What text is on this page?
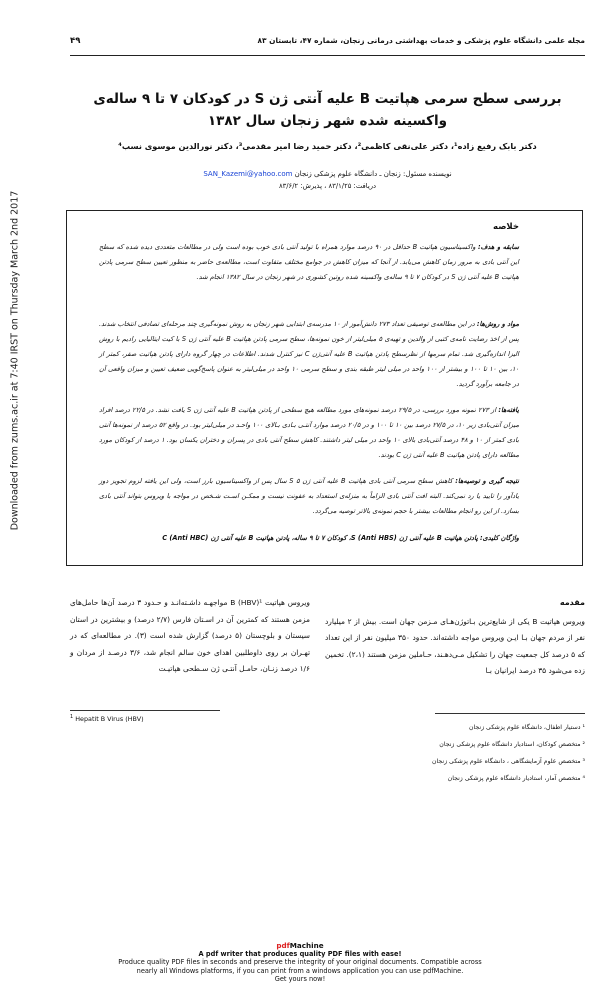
مجله علمی دانشگاه علوم پزشکی و خدمات بهداشتی درمانی زنجان، شماره ۴۷، تابستان ۸۳
۴۹
Downloaded from zums.ac.ir at 7:40 IRST on Thursday March 2nd 2017
بررسی سطح سرمی هپاتیت B علیه آنتی ژن S در کودکان ۷ تا ۹ ساله‌ی واکسینه شده شهر زنجان سال ۱۳۸۲
دکتر بابک رفیع زاده¹، دکتر علی‌نقی کاظمی²، دکتر حمید رضا امیر مقدمی³، دکتر نورالدین موسوی نسب⁴
نویسنده مسئول: زنجان ـ دانشگاه علوم پزشکی زنجان SAN_Kazemi@yahoo.com
دریافت: ۸۳/۱/۲۵ ، پذیرش: ۸۳/۶/۲
خلاصه
سابقه و هدف: واکسیناسیون هپاتیت B حداقل در ۹۰ درصد موارد همراه با تولید آنتی بادی خوب بوده است ولی در مطالعات متعددی دیده شده که سطح این آنتی بادی به مرور زمان کاهش می‌یابد. از آنجا که میزان کاهش در جوامع مختلف متفاوت است، مطالعه‌ی حاضر به منظور تعیین سطح سرمی پادتن هپاتیت B علیه آنتی ژن S در کودکان ۷ تا ۹ ساله‌ی واکسینه شده روتین کشوری در شهر زنجان در سال ۱۳۸۲ انجام شد.
مواد و روش‌ها: در این مطالعه‌ی توصیفی تعداد ۲۷۳ دانش‌آموز از ۱۰ مدرسه‌ی ابتدایی شهر زنجان به روش نمونه‌گیری چند مرحله‌ای تصادفی انتخاب شدند. پس از اخذ رضایت نامه‌ی کتبی از والدین و تهیه‌ی ۵ میلی‌لیتر از خون نمونه‌ها، سطح سرمی پادتن هپاتیت B علیه آنتی ژن S با کیت ایتالیایی رادیم با روش الیزا اندازه‌گیری شد. تمام سرمها از نظرسطح پادتن هپاتیت B علیه آنتی‌ژن C نیز کنترل شدند. اطلاعات در چهار گروه دارای پادتن هپاتیت صفر، کمتر از ۱۰، بین ۱۰ تا ۱۰۰ و بیشتر از ۱۰۰ واحد در میلی لیتر طبقه بندی و سطح سرمی ۱۰ واحد در میلی‌لیتر به عنوان پاسخ‌گویی ضعیف تعیین و میزان واقعی آن در جامعه برآورد گردید.
یافته‌ها: از ۲۷۳ نمونه مورد بررسی، در ۲۹/۵ درصد نمونه‌های مورد مطالعه هیچ سطحی از پادتن هپاتیت B علیه آنتی ژن S یافت نشد. در ۲۲/۵ درصد افراد میزان آنتی‌بادی زیر ۱۰، در ۲۷/۵ درصد بین ۱۰ تا ۱۰۰ و در ۲۰/۵ درصد موارد آنتـی بـادی بـالای ۱۰۰ واحـد در میلی‌لیتر بود. در واقع ۵۲ درصد از نمونه‌ها آنتی بادی کمتر از ۱۰ و ۴۸ درصد آنتی‌بادی بالای ۱۰ واحد در میلی لیتر داشتند. کاهش سطح آنتی بادی در پسران و دختران یکسان بود. ۱ درصد از کودکان مورد مطالعه دارای پادتن هپاتیت B علیه آنتی ژن C بودند.
نتیجه گیری و توصیه‌ها: کاهش سطح سرمی آنتی بادی هپاتیت B علیه آنتی ژن S ۵ سال پس از واکسیناسیون بارز است، ولی این یافته لزوم تجویز دوز یادآور را تایید یا رد نمی‌کند. البته افت آنتی بادی الزاماً به منزله‌ی استعداد به عفونت نیست و ممکـن اسـت شـخص در مواجه با ویروس بتواند آنتی بادی بسازد. از این رو انجام مطالعات بیشتر با حجم نمونه‌ی بالاتر توصیه می‌گردد.
واژگان کلیدی: پادتن هپاتیت B علیه آنتی ژن S (Anti HBS)، کودکان ۷ تا ۹ ساله، پادتن هپاتیت B علیه آنتی ژن C (Anti HBC)
مقدمه
ویروس هپاتیت B یکی از شایع‌ترین بـاتوژن‌هـای مـزمن جهان است. بیش از ۲ میلیارد نفر از مردم جهان بـا ایـن ویروس مواجه داشته‌اند. حدود ۳۵۰ میلیون نفر از این تعداد که ۵ درصد کل جمعیت جهان را تشکیل مـی‌دهـند، حـاملین مزمن هستند (۲،۱). تخمین زده می‌شود ۳۵ درصد ایرانیان بـا
ویروس هپاتیت B (HBV)¹ مواجهـه داشـته‌انـد و حـدود ۳ درصد آن‌ها حامل‌های مزمن هستند که کمترین آن در اسـتان فارس (۲/۷ درصد) و بیشترین در استان سیستان و بلوچستان (۵ درصد) گزارش شده است (۳). در مطالعه‌ای که در تهـران بر روی داوطلبین اهدای خون سالم انجام شد، ۳/۶ درصـد از مردان و ۱/۶ درصد زنـان، حامـل آنتـی ژن سـطحی هپاتیـت
¹ دستیار اطفال، دانشگاه علوم پزشکی زنجان
² متخصص کودکان، استادیار دانشگاه علوم پزشکی زنجان
³ متخصص علوم آزمایشگاهی ، دانشگاه علوم پزشکی زنجان
⁴ متخصص آمار، استادیار دانشگاه علوم پزشکی زنجان
$^1$ Hepatit B Virus (HBV)
pdfMachine
A pdf writer that produces quality PDF files with ease!
Produce quality PDF files in seconds and preserve the integrity of your original documents. Compatible across
nearly all Windows platforms, if you can print from a windows application you can use pdfMachine.
Get yours now!
